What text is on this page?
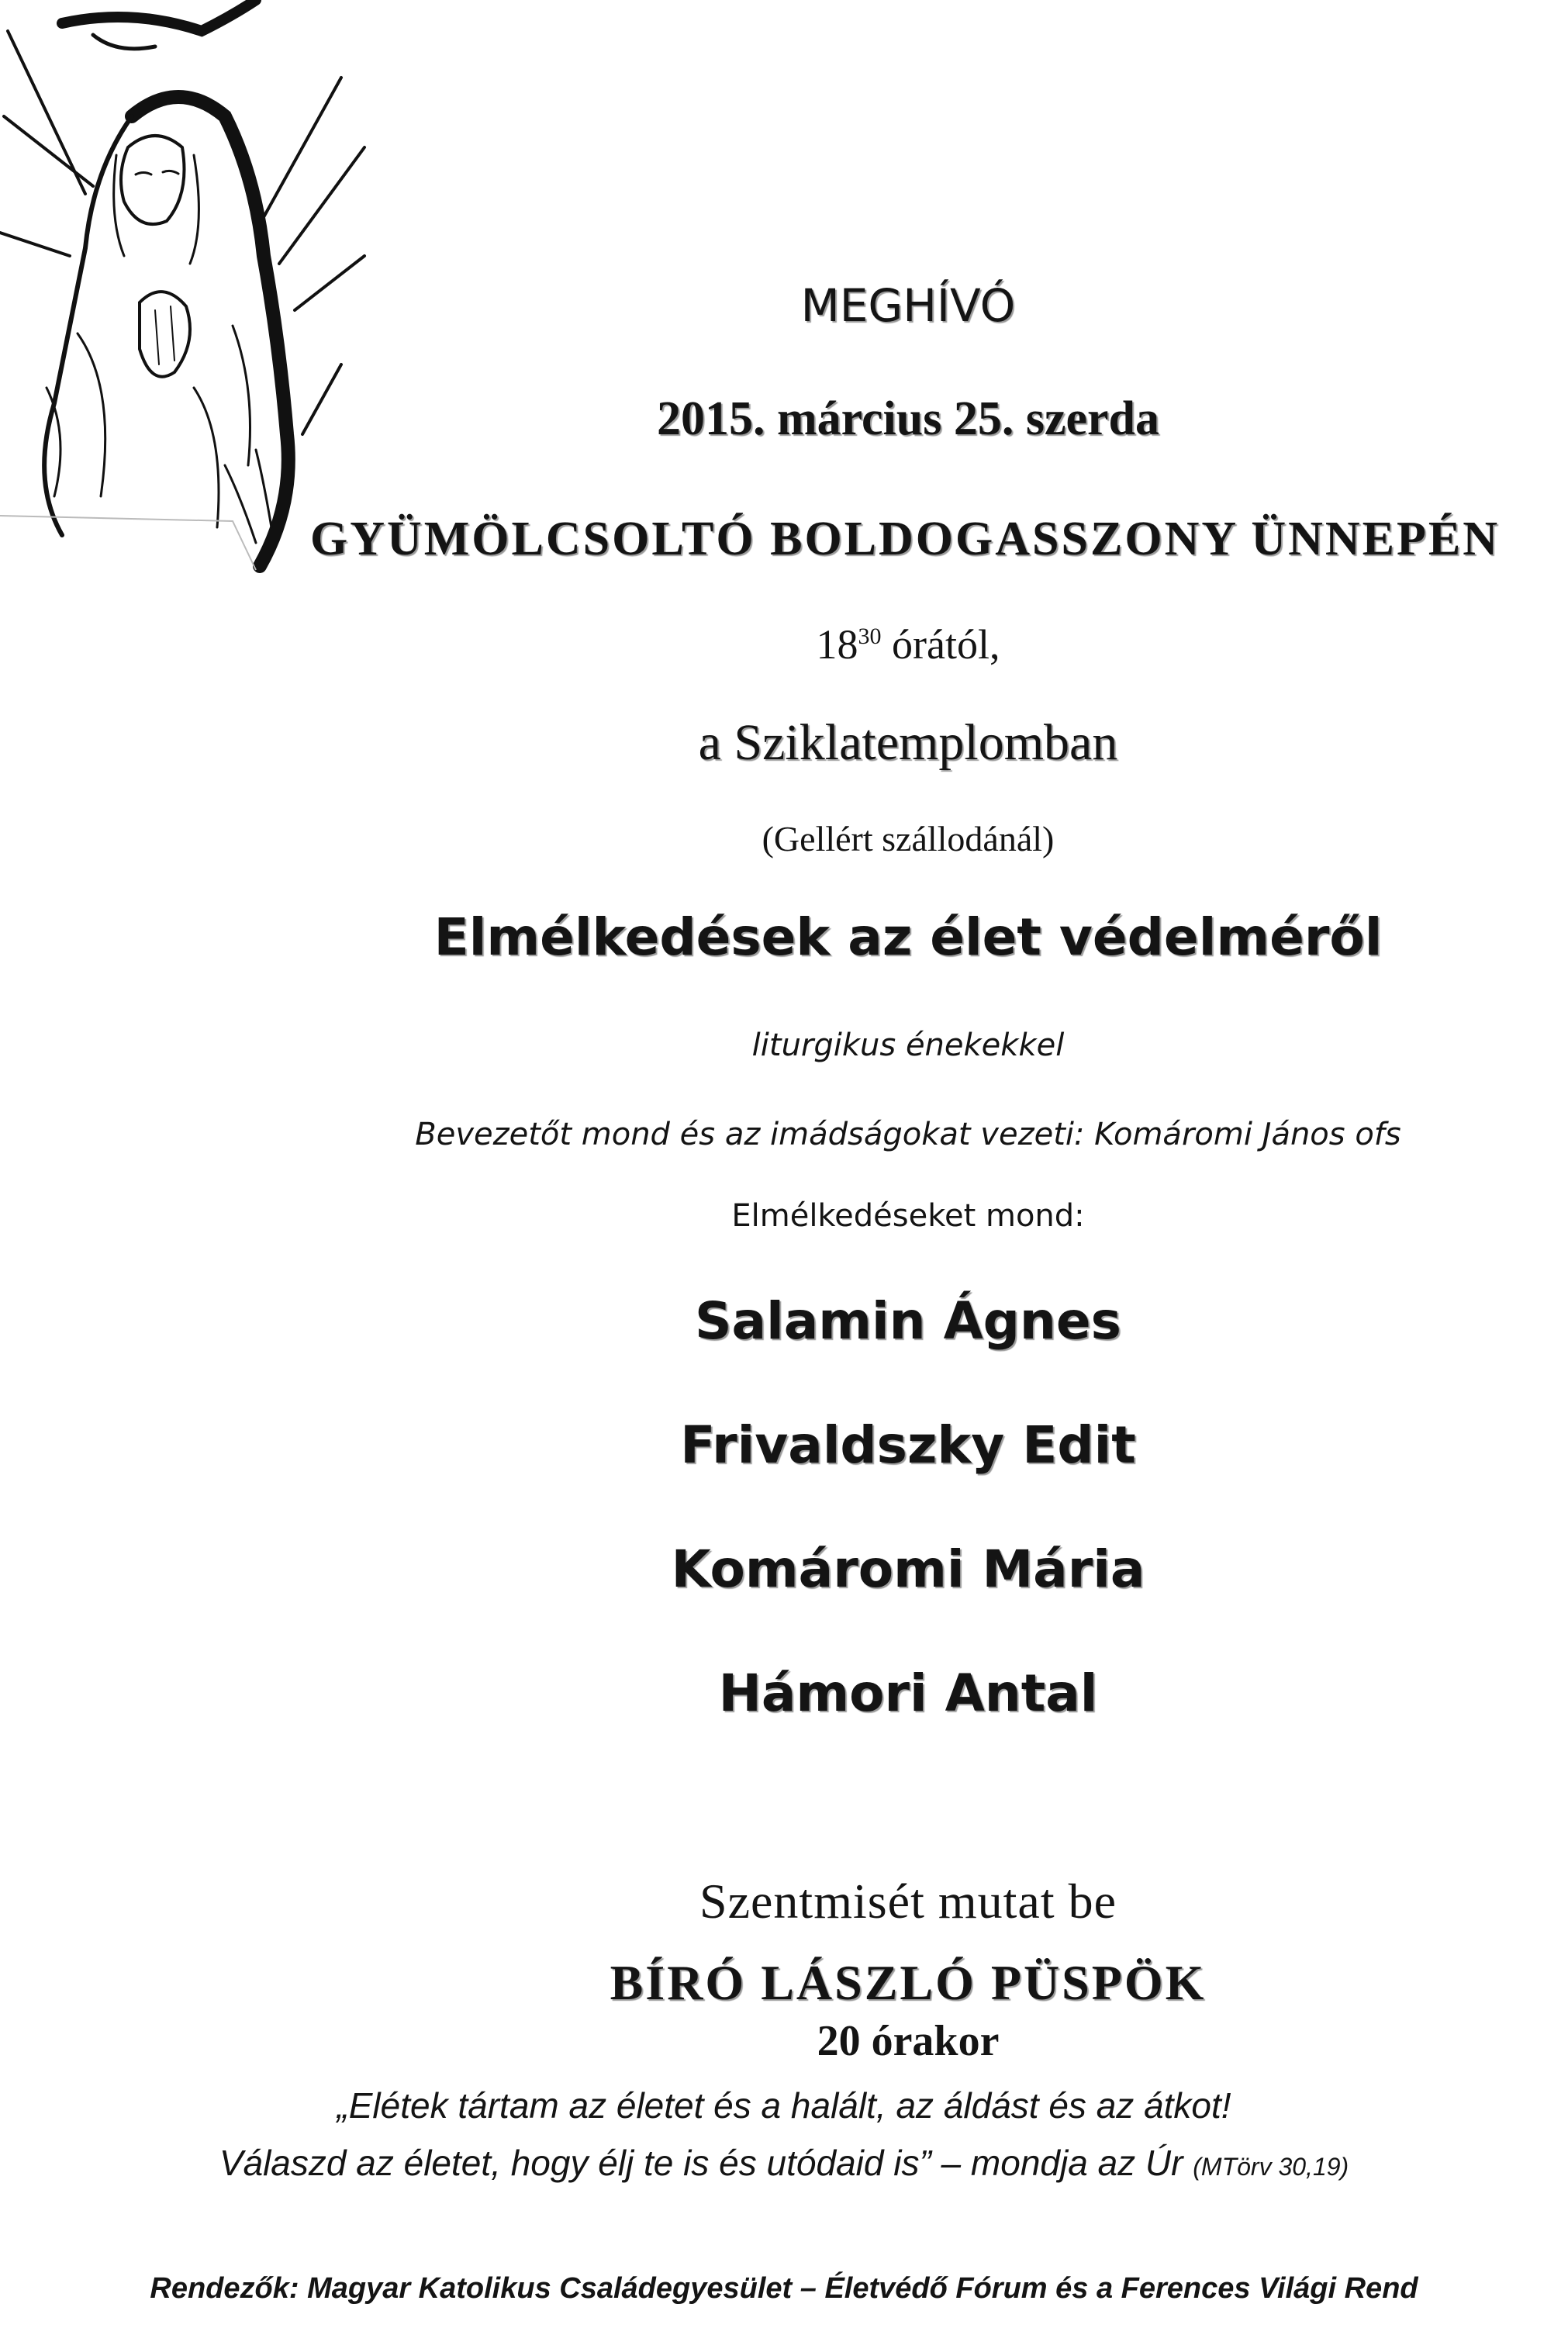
MEGHÍVÓ
2015. március 25. szerda
GYÜMÖLCSOLTÓ BOLDOGASSZONY ÜNNEPÉN
$18^{30}$ órától,
a Sziklatemplomban
(Gellért szállodánál)
Elmélkedések az élet védelméről
liturgikus énekekkel
Bevezetőt mond és az imádságokat vezeti: Komáromi János ofs
Elmélkedéseket mond:
Salamin Ágnes
Frivaldszky Edit
Komáromi Mária
Hámori Antal
Szentmisét mutat be
BÍRÓ LÁSZLÓ PÜSPÖK
20 órakor
„Elétek tártam az életet és a halált, az áldást és az átkot!
Válaszd az életet, hogy élj te is és utódaid is” – mondja az Úr (MTörv 30,19)
Rendezők: Magyar Katolikus Családegyesület – Életvédő Fórum és a Ferences Világi Rend
